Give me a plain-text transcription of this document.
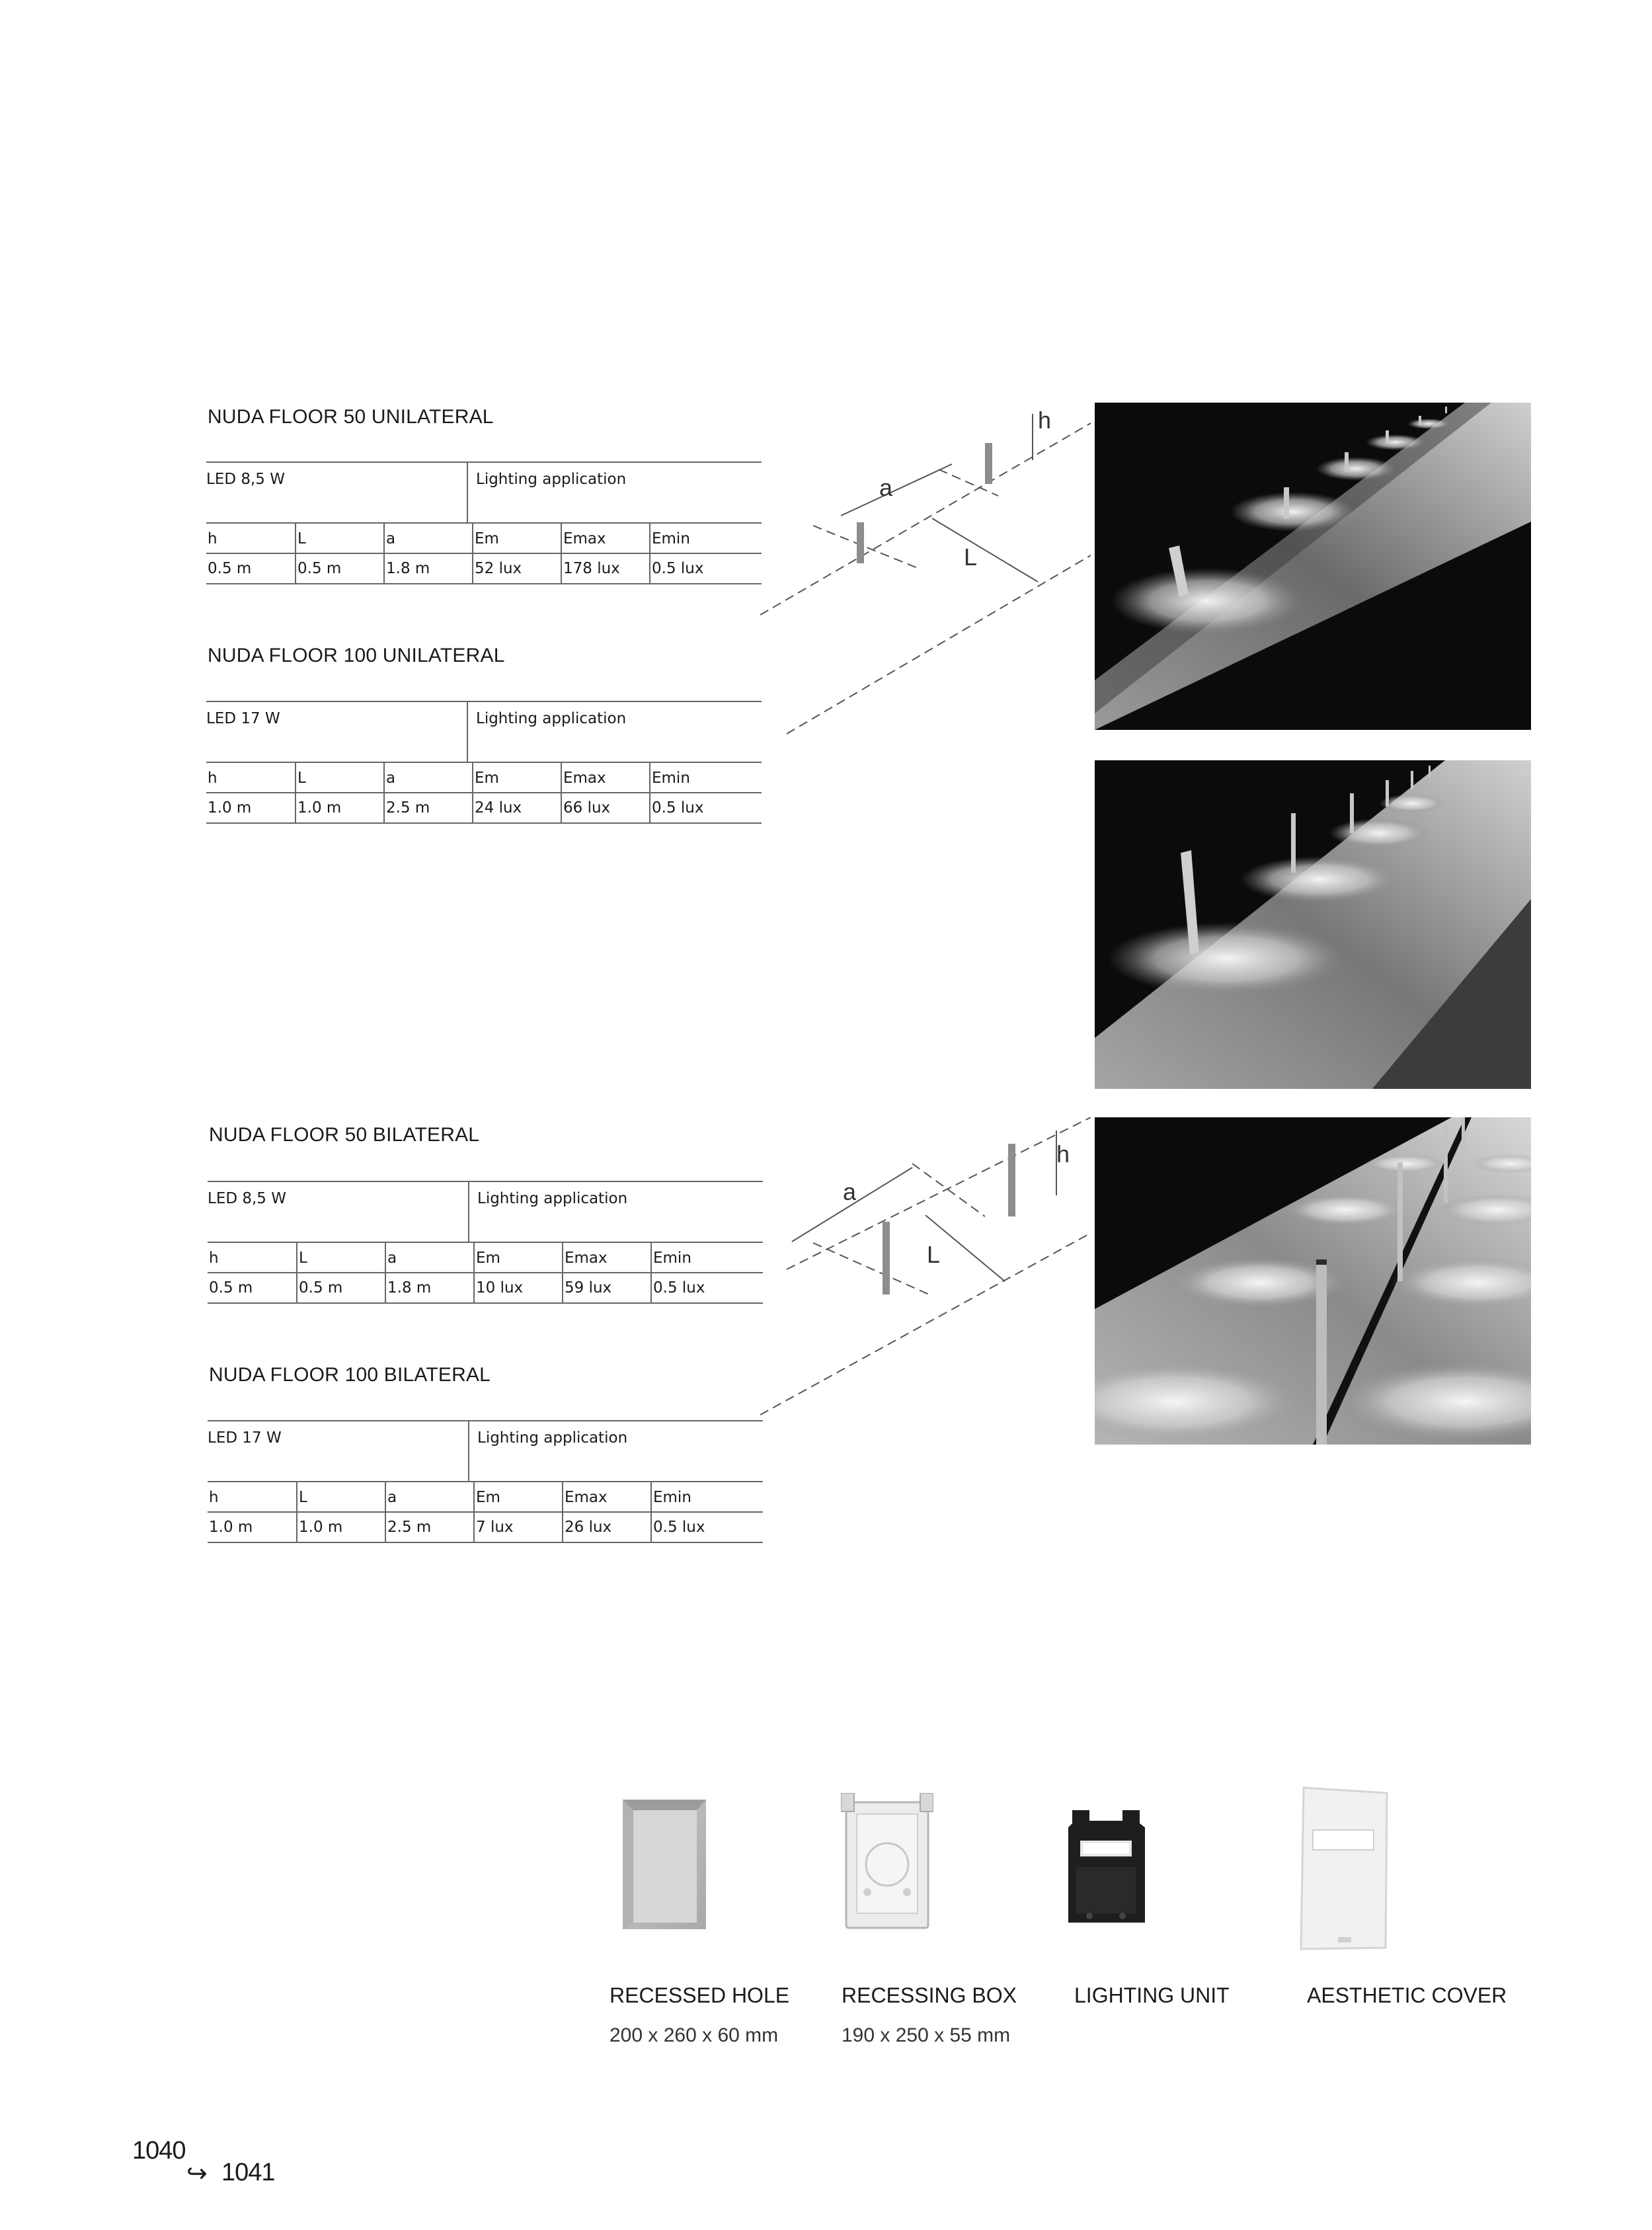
NUDA FLOOR 50 UNILATERAL
LED 8,5 W	Lighting application
h	L	a	Em	Emax	Emin
0.5 m	0.5 m	1.8 m	52 lux	178 lux	0.5 lux
NUDA FLOOR 100 UNILATERAL
LED 17 W	Lighting application
h	L	a	Em	Emax	Emin
1.0 m	1.0 m	2.5 m	24 lux	66 lux	0.5 lux
NUDA FLOOR 50 BILATERAL
LED 8,5 W	Lighting application
h	L	a	Em	Emax	Emin
0.5 m	0.5 m	1.8 m	10 lux	59 lux	0.5 lux
NUDA FLOOR 100 BILATERAL
LED 17 W	Lighting application
h	L	a	Em	Emax	Emin
1.0 m	1.0 m	2.5 m	7 lux	26 lux	0.5 lux
a
h
L
a
h
L
RECESSED HOLE
200 x 260 x 60 mm
RECESSING BOX
190 x 250 x 55 mm
LIGHTING UNIT	AESTHETIC COVER
1040
↪ 1041
